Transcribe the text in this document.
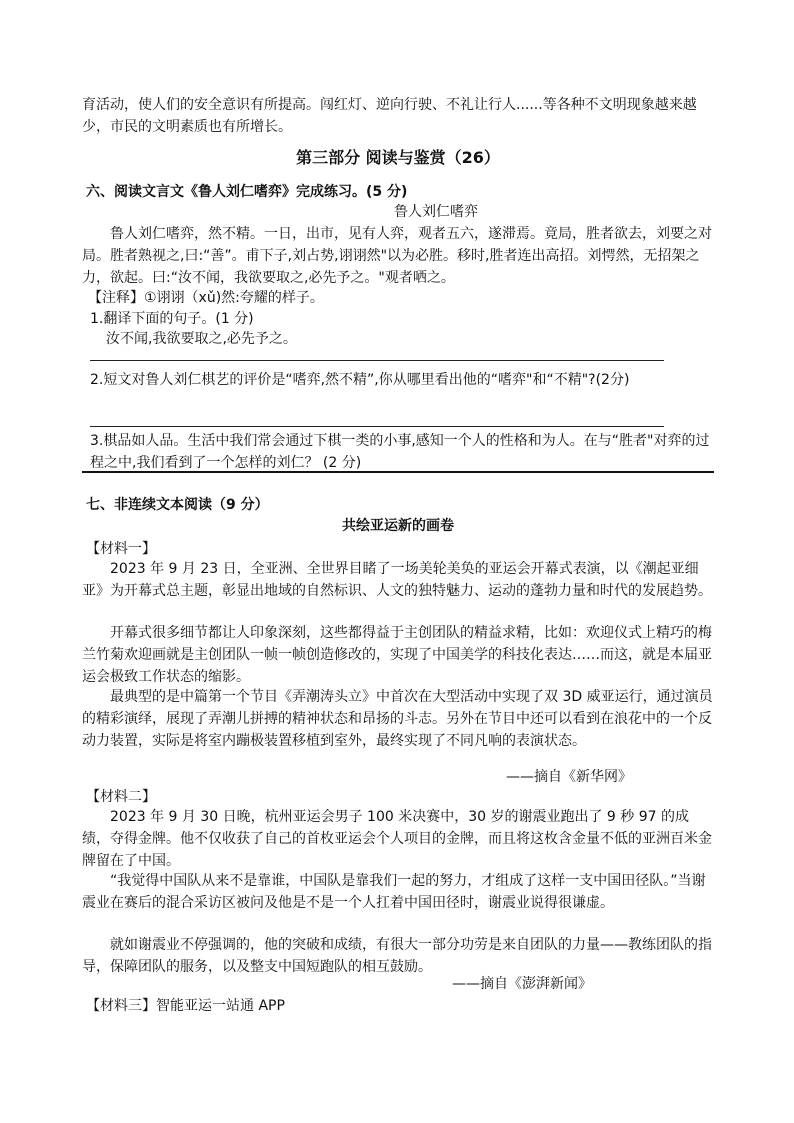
育活动，使人们的安全意识有所提高。闯红灯、逆向行驶、不礼让行人......等各种不文明现象越来越少，市民的文明素质也有所增长。

第三部分 阅读与鉴赏（26）

六、阅读文言文《鲁人刘仁嗜弈》完成练习。(5 分)

鲁人刘仁嗜弈

鲁人刘仁嗜弈，然不精。一日，出市，见有人弈，观者五六，遂滞焉。竟局，胜者欲去，刘要之对局。胜者熟视之,曰:“善”。甫下子,刘占势,诩诩然"以为必胜。移时,胜者连出高招。刘愕然，无招架之力，欲起。曰:“汝不闻，我欲要取之,必先予之。"观者哂之。

【注释】①诩诩（xǔ)然:夸耀的样子。

1.翻译下面的句子。(1 分)

汝不闻,我欲要取之,必先予之。

2.短文对鲁人刘仁棋艺的评价是“嗜弈,然不精”,你从哪里看出他的“嗜弈"和“不精"?(2分)

3.棋品如人品。生活中我们常会通过下棋一类的小事,感知一个人的性格和为人。在与“胜者"对弈的过程之中,我们看到了一个怎样的刘仁？ (2 分)

七、非连续文本阅读（9 分）

共绘亚运新的画卷

【材料一】

2023 年 9 月 23 日，全亚洲、全世界目睹了一场美轮美奂的亚运会开幕式表演，以《潮起亚细亚》为开幕式总主题，彰显出地域的自然标识、人文的独特魅力、运动的蓬勃力量和时代的发展趋势。

开幕式很多细节都让人印象深刻，这些都得益于主创团队的精益求精，比如：欢迎仪式上精巧的梅兰竹菊欢迎画就是主创团队一帧一帧创造修改的，实现了中国美学的科技化表达……而这，就是本届亚运会极致工作状态的缩影。

最典型的是中篇第一个节目《弄潮涛头立》中首次在大型活动中实现了双 3D 威亚运行，通过演员的精彩演绎，展现了弄潮儿拼搏的精神状态和昂扬的斗志。另外在节目中还可以看到在浪花中的一个反动力装置，实际是将室内蹦极装置移植到室外，最终实现了不同凡响的表演状态。

——摘自《新华网》

【材料二】

2023 年 9 月 30 日晚，杭州亚运会男子 100 米决赛中，30 岁的谢震业跑出了 9 秒 97 的成绩，夺得金牌。他不仅收获了自己的首枚亚运会个人项目的金牌，而且将这枚含金量不低的亚洲百米金牌留在了中国。

“我觉得中国队从来不是靠谁，中国队是靠我们一起的努力，才组成了这样一支中国田径队。”当谢震业在赛后的混合采访区被问及他是不是一个人扛着中国田径时，谢震业说得很谦虚。

就如谢震业不停强调的，他的突破和成绩，有很大一部分功劳是来自团队的力量——教练团队的指导，保障团队的服务，以及整支中国短跑队的相互鼓励。

——摘自《澎湃新闻》

【材料三】智能亚运一站通 APP
